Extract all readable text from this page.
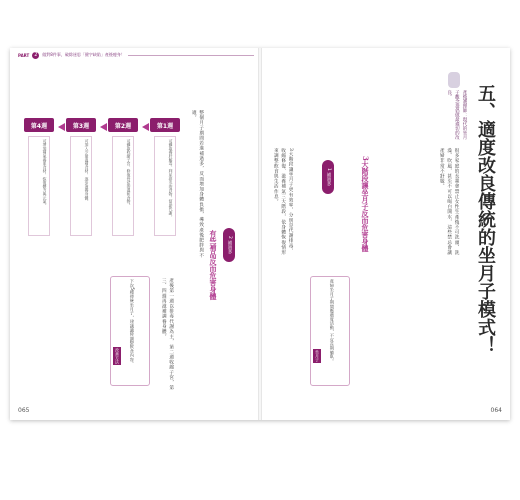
PART 2	做對8件事，破除迷思「健字缺陷」產後瘦身！
第1週
可攝取養肝解毒、利尿排水的食物，幫助代謝。
第2週
可攝取收縮子宮、修復骨盆的溫和食物。
第3週
可加入少量溫補食材，逐步滋養身體。
第4週
可增加補氣養血食材，恢復體力與元氣。	整個月子期間若進補過多，反而增加身體負擔，導致產後肥胖與不適。
2 補過多
有些補品反而危害身體
產後第一週以排毒代謝為主，第二週收縮子宮，第三、四週再滋補調養身體。
改善方法 下次5種傳統坐月子，建議適時調整飲食內容。
065
五、適度改良傳統的坐月子模式！
產後護理師：現代的坐月子觀念提倡做最適切的改良。
很多家庭的長輩會禁止女性生產後不可洗頭、洗澡、吹風，甚至不可以喝白開水，這些禁忌會讓產婦非常不舒服。
3大階段讓坐月子更有效率，分別是代謝排毒、收縮修復、滋養補氣三大階段，依身體恢復情形來調整飲食與生活作息。	3大階段讓坐月子反而危害身體
1 補過多
坐月子 產婦坐月子期間應適度活動，不宜長期躺臥。
064
